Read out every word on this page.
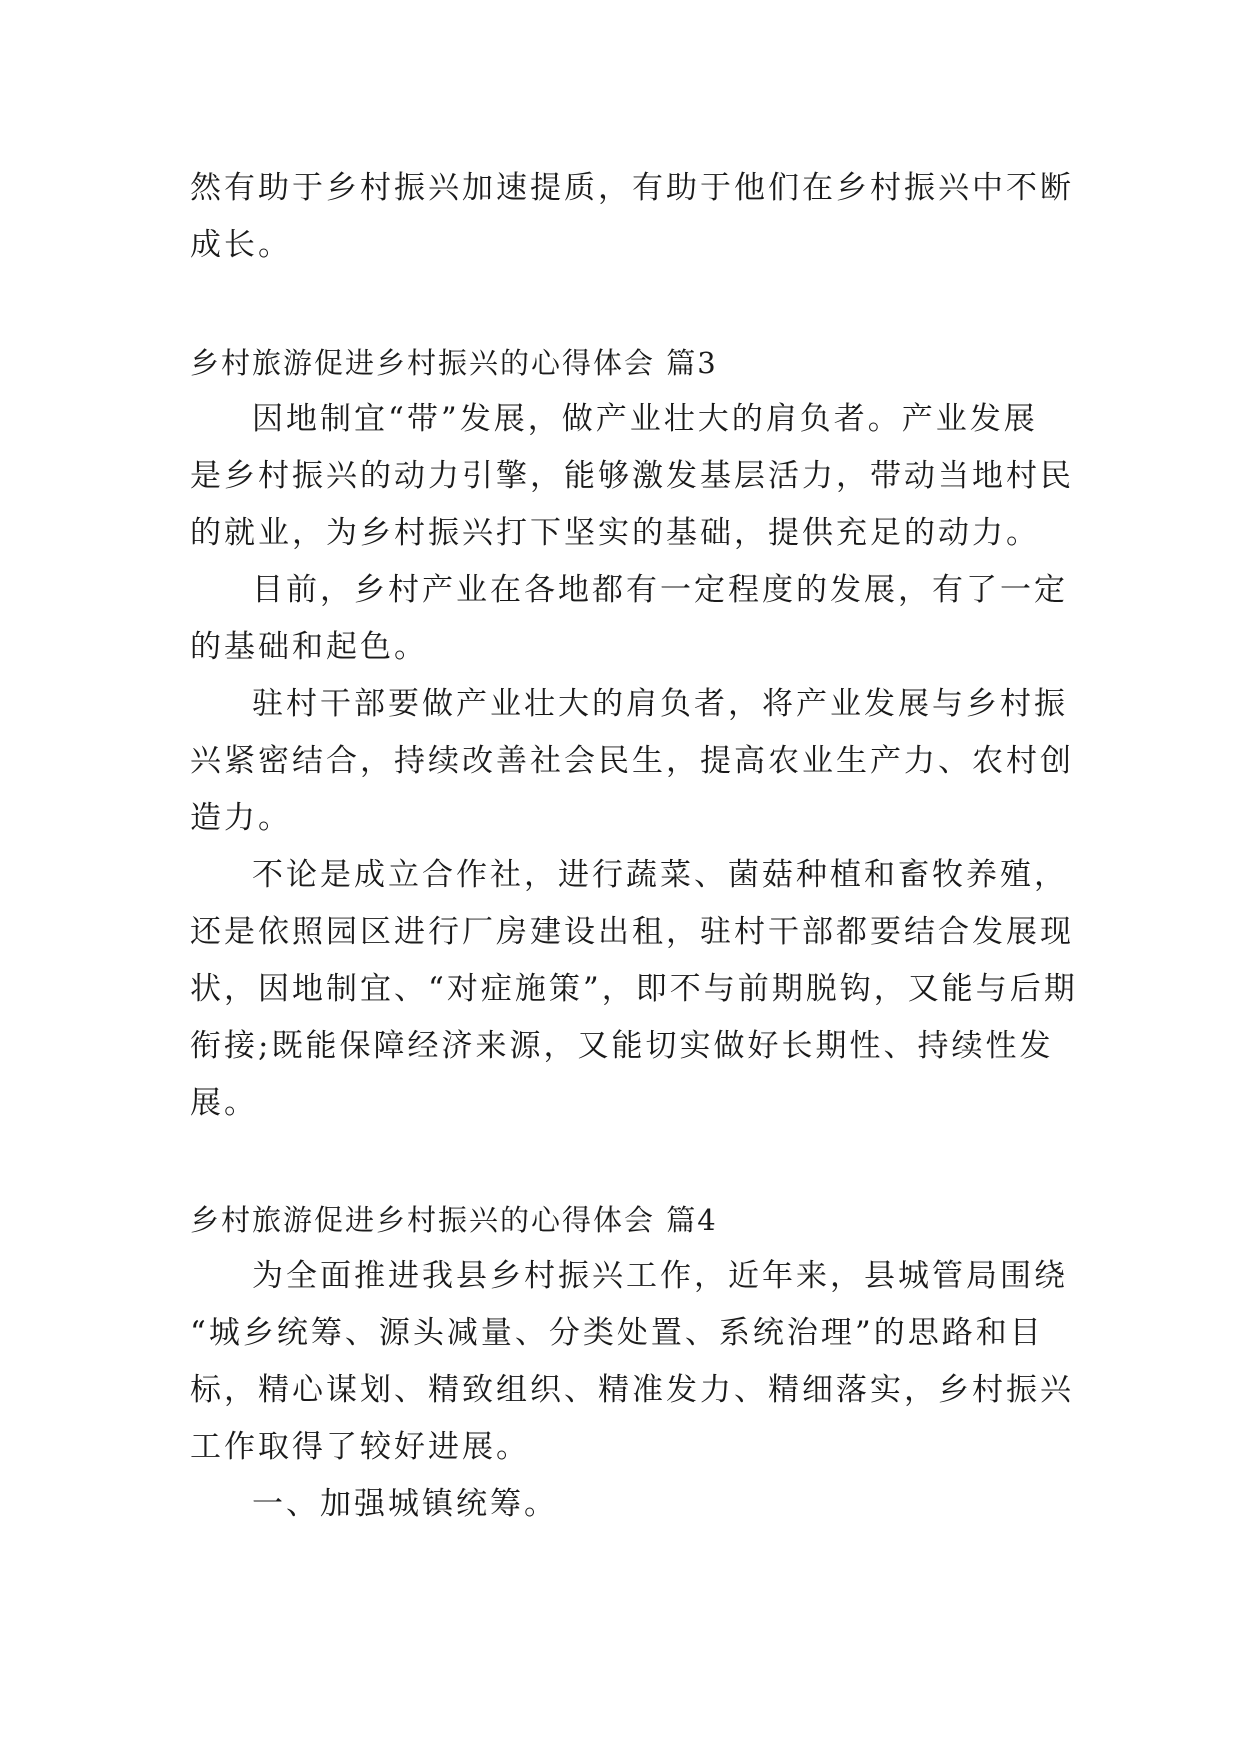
然有助于乡村振兴加速提质，有助于他们在乡村振兴中不断
成长。
乡村旅游促进乡村振兴的心得体会 篇3
因地制宜“带”发展，做产业壮大的肩负者。产业发展
是乡村振兴的动力引擎，能够激发基层活力，带动当地村民
的就业，为乡村振兴打下坚实的基础，提供充足的动力。
目前，乡村产业在各地都有一定程度的发展，有了一定
的基础和起色。
驻村干部要做产业壮大的肩负者，将产业发展与乡村振
兴紧密结合，持续改善社会民生，提高农业生产力、农村创
造力。
不论是成立合作社，进行蔬菜、菌菇种植和畜牧养殖，
还是依照园区进行厂房建设出租，驻村干部都要结合发展现
状，因地制宜、“对症施策”，即不与前期脱钩，又能与后期
衔接;既能保障经济来源，又能切实做好长期性、持续性发
展。
乡村旅游促进乡村振兴的心得体会 篇4
为全面推进我县乡村振兴工作，近年来，县城管局围绕
“城乡统筹、源头减量、分类处置、系统治理”的思路和目
标，精心谋划、精致组织、精准发力、精细落实，乡村振兴
工作取得了较好进展。
一、加强城镇统筹。
